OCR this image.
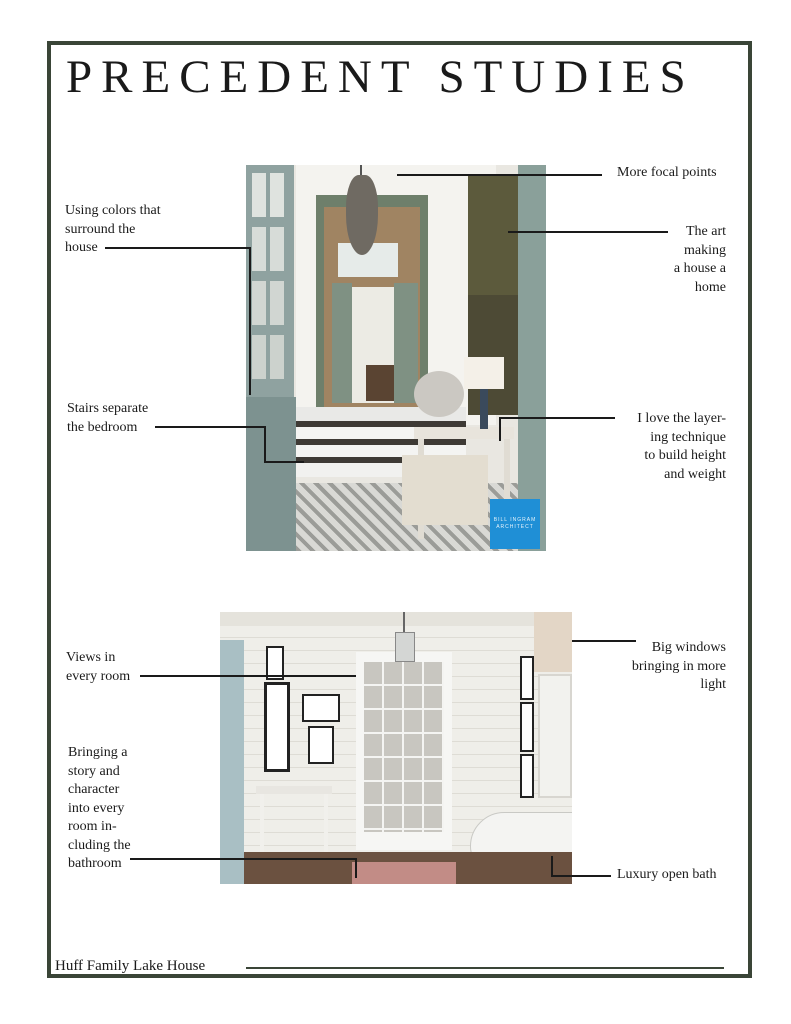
PRECEDENT STUDIES
BILL INGRAM ARCHITECT
More focal points
Using colors that
surround the
house
The art
making
a house a
home
Stairs separate
the bedroom
I love the layer-
ing technique
to build height
and weight
Views in
every room
Big windows
bringing in more
light
Bringing a
story and
character
into every
room in-
cluding the
bathroom
Luxury open bath
Huff Family Lake House
